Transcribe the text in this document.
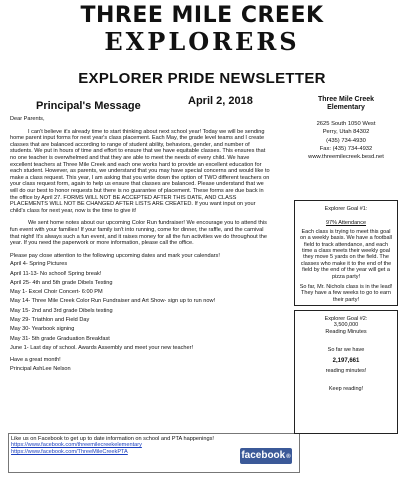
THREE MILE CREEK
EXPLORERS
EXPLORER PRIDE NEWSLETTER
April 2, 2018
Principal's Message

Dear Parents,

I can't believe it's already time to start thinking about next school year! Today we will be sending home parent input forms for next year's class placement. Each May, the grade level teams and I create classes that are balanced according to range of student ability, behaviors, gender, and number of students. We put in hours of time and effort to ensure that we have equitable classes. This ensures that no one teacher is overwhelmed and that they are able to meet the needs of every child. We have excellent teachers at Three Mile Creek and each one works hard to provide an excellent education for each student. However, as parents, we understand that you may have special concerns and would like to make a class request. This year, I am asking that you write down the option of TWO different teachers on your class request form, again to help us ensure that classes are balanced. Please understand that we will do our best to honor requests but there is no guarantee of placement. These forms are due back in the office by April 27. FORMS WILL NOT BE ACCEPTED AFTER THIS DATE, AND CLASS PLACEMENTS WILL NOT BE CHANGED AFTER LISTS ARE CREATED. If you want input on your child's class for next year, now is the time to give it!

We sent home notes about our upcoming Color Run fundraiser! We encourage you to attend this fun event with your families! If your family isn't into running, come for dinner, the raffle, and the carnival that night! It's always such a fun event, and it raises money for all the fun activities we do throughout the year. If you need the paperwork or more information, please call the office.

Please pay close attention to the following upcoming dates and mark your calendars!

April 4- Spring Pictures
April 11-13- No school! Spring break!
April 25- 4th and 5th grade Dibels Testing
May 1- Excel Choir Concert- 6:00 PM
May 14- Three Mile Creek Color Run Fundraiser and Art Show- sign up to run now!
May 15- 2nd and 3rd grade Dibels testing
May 29- Triathlon and Field Day
May 30- Yearbook signing
May 31- 5th grade Graduation Breakfast
June 1- Last day of school. Awards Assembly and meet your new teacher!

Have a great month!

Principal AshLee Nelson

Like us on Facebook to get up to date information on school and PTA happenings!
https://www.facebook.com/threemilecreekelementary
https://www.facebook.com/ThreeMileCreekPTA	facebook®
Three Mile Creek
Elementary
2625 South 1050 West
Perry, Utah 84302
(435) 734-4930
Fax: (435) 734-4932
www.threemilecreek.besd.net
Explorer Goal #1:
97% Attendance

Each class is trying to meet this goal on a weekly basis. We have a football field to track attendance, and each time a class meets their weekly goal they move 5 yards on the field. The classes who make it to the end of the field by the end of the year will get a pizza party!

So far, Mr. Nichols class is in the lead! They have a few weeks to go to earn their party!

Explorer Goal #2:

3,500,000

Reading Minutes

So far we have

2,197,661

reading minutes!

Keep reading!
